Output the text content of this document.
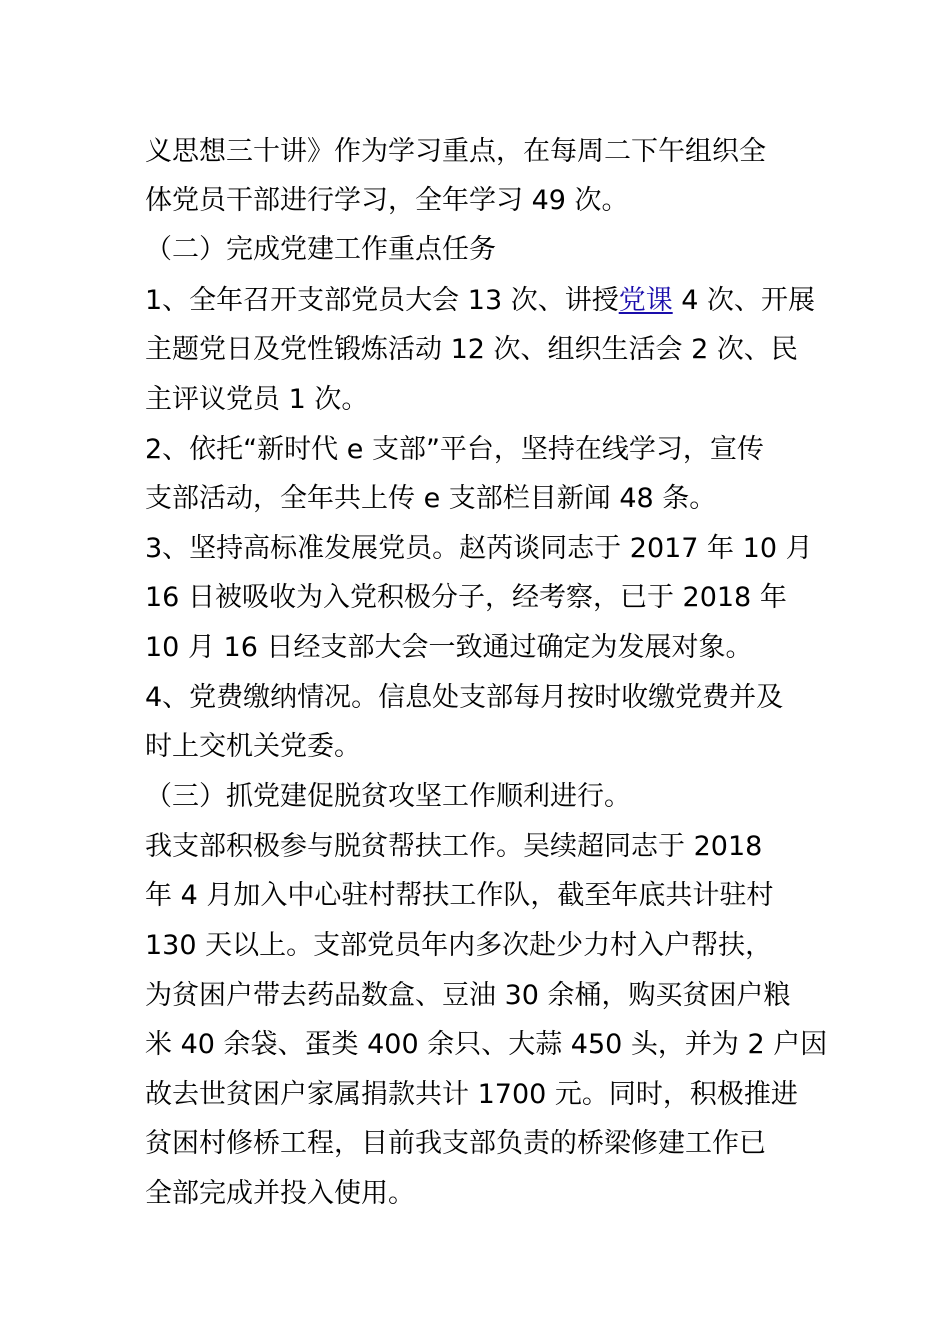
义思想三十讲》作为学习重点，在每周二下午组织全
体党员干部进行学习，全年学习 49 次。
（二）完成党建工作重点任务
1、全年召开支部党员大会 13 次、讲授党课 4 次、开展
主题党日及党性锻炼活动 12 次、组织生活会 2 次、民
主评议党员 1 次。
2、依托“新时代 e 支部”平台，坚持在线学习，宣传
支部活动，全年共上传 e 支部栏目新闻 48 条。
3、坚持高标准发展党员。赵芮谈同志于 2017 年 10 月
16 日被吸收为入党积极分子，经考察，已于 2018 年
10 月 16 日经支部大会一致通过确定为发展对象。
4、党费缴纳情况。信息处支部每月按时收缴党费并及
时上交机关党委。
（三）抓党建促脱贫攻坚工作顺利进行。
我支部积极参与脱贫帮扶工作。吴续超同志于 2018
年 4 月加入中心驻村帮扶工作队，截至年底共计驻村
130 天以上。支部党员年内多次赴少力村入户帮扶，
为贫困户带去药品数盒、豆油 30 余桶，购买贫困户粮
米 40 余袋、蛋类 400 余只、大蒜 450 头，并为 2 户因
故去世贫困户家属捐款共计 1700 元。同时，积极推进
贫困村修桥工程，目前我支部负责的桥梁修建工作已
全部完成并投入使用。
